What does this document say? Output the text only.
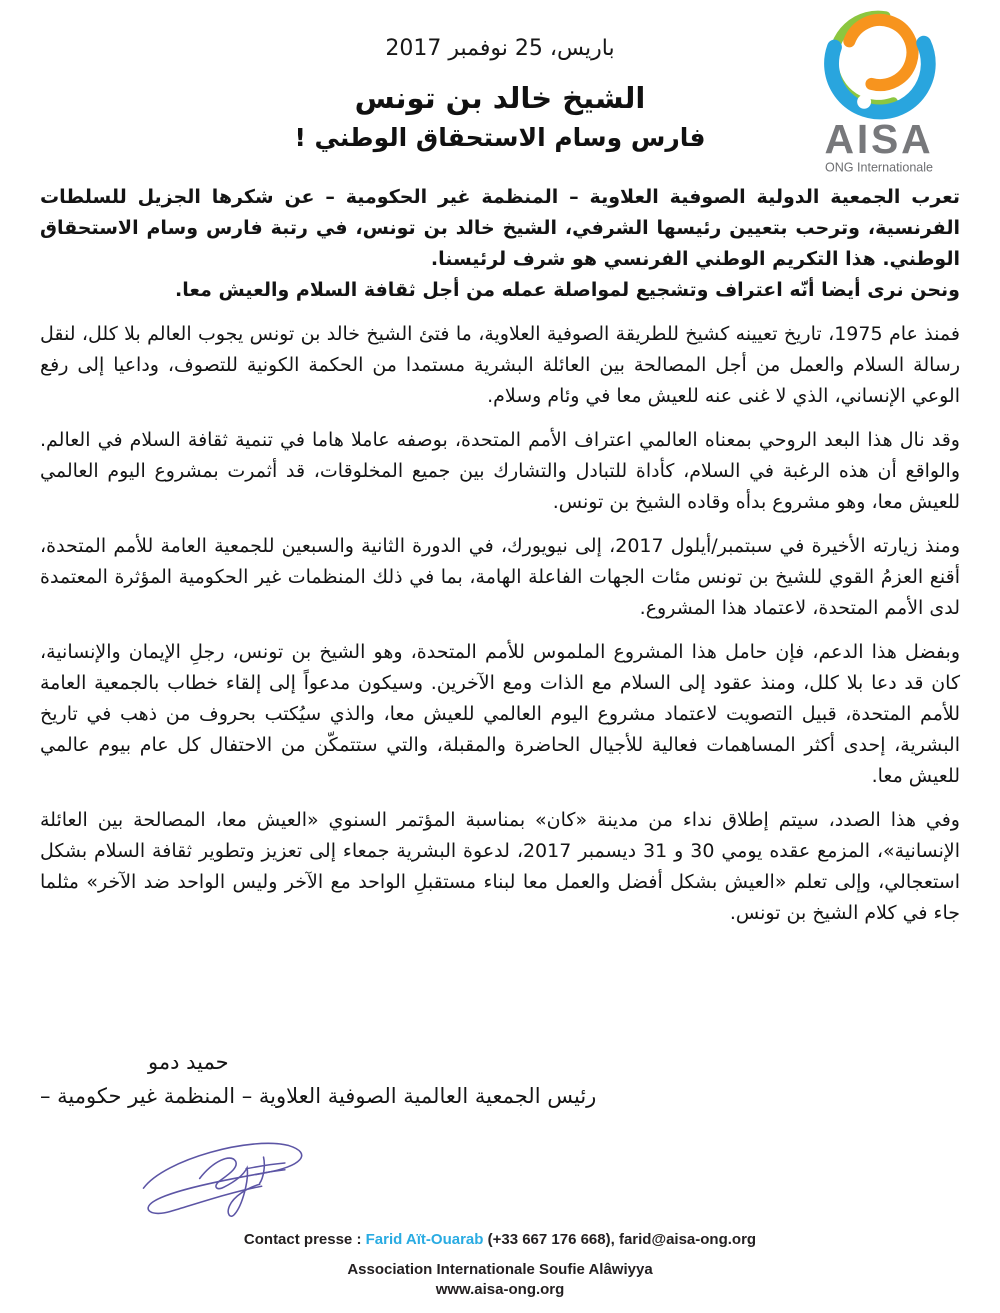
AISA
ONG Internationale
باريس، 25 نوفمبر 2017
الشيخ خالد بن تونس
فارس وسام الاستحقاق الوطني !

تعرب الجمعية الدولية الصوفية العلاوية – المنظمة غير الحكومية – عن شكرها الجزيل للسلطات الفرنسية، وترحب بتعيين رئيسها الشرفي، الشيخ خالد بن تونس، في رتبة فارس وسام الاستحقاق الوطني. هذا التكريم الوطني الفرنسي هو شرف لرئيسنا.

ونحن نرى أيضا أنّه اعتراف وتشجيع لمواصلة عمله من أجل ثقافة السلام والعيش معا.

فمنذ عام 1975، تاريخ تعيينه كشيخ للطريقة الصوفية العلاوية، ما فتئ الشيخ خالد بن تونس يجوب العالم بلا كلل، لنقل رسالة السلام والعمل من أجل المصالحة بين العائلة البشرية مستمدا من الحكمة الكونية للتصوف، وداعيا إلى رفع الوعي الإنساني، الذي لا غنى عنه للعيش معا في وئام وسلام.

وقد نال هذا البعد الروحي بمعناه العالمي اعتراف الأمم المتحدة، بوصفه عاملا هاما في تنمية ثقافة السلام في العالم. والواقع أن هذه الرغبة في السلام، كأداة للتبادل والتشارك بين جميع المخلوقات، قد أثمرت بمشروع اليوم العالمي للعيش معا، وهو مشروع بدأه وقاده الشيخ بن تونس.

ومنذ زيارته الأخيرة في سبتمبر/أيلول 2017، إلى نيويورك، في الدورة الثانية والسبعين للجمعية العامة للأمم المتحدة، أقنع العزمُ القوي للشيخ بن تونس مئات الجهات الفاعلة الهامة، بما في ذلك المنظمات غير الحكومية المؤثرة المعتمدة لدى الأمم المتحدة، لاعتماد هذا المشروع.

وبفضل هذا الدعم، فإن حامل هذا المشروع الملموس للأمم المتحدة، وهو الشيخ بن تونس، رجلِ الإيمان والإنسانية، كان قد دعا بلا كلل، ومنذ عقود إلى السلام مع الذات ومع الآخرين. وسيكون مدعواً إلى إلقاء خطاب بالجمعية العامة للأمم المتحدة، قبيل التصويت لاعتماد مشروع اليوم العالمي للعيش معا، والذي سيُكتب بحروف من ذهب في تاريخ البشرية، إحدى أكثر المساهمات فعالية للأجيال الحاضرة والمقبلة، والتي ستتمكّن من الاحتفال كل عام بيوم عالمي للعيش معا.

وفي هذا الصدد، سيتم إطلاق نداء من مدينة «كان» بمناسبة المؤتمر السنوي «العيش معا، المصالحة بين العائلة الإنسانية»، المزمع عقده يومي 30 و 31 ديسمبر 2017، لدعوة البشرية جمعاء إلى تعزيز وتطوير ثقافة السلام بشكل استعجالي، وإلى تعلم «العيش بشكل أفضل والعمل معا لبناء مستقبلِ الواحد مع الآخر وليس الواحد ضد الآخر» مثلما جاء في كلام الشيخ بن تونس.

حميد دمو
رئيس الجمعية العالمية الصوفية العلاوية – المنظمة غير حكومية –
Contact presse : Farid Aït-Ouarab (+33 667 176 668), farid@aisa-ong.org
Association Internationale Soufie Alâwiyya
www.aisa-ong.org
